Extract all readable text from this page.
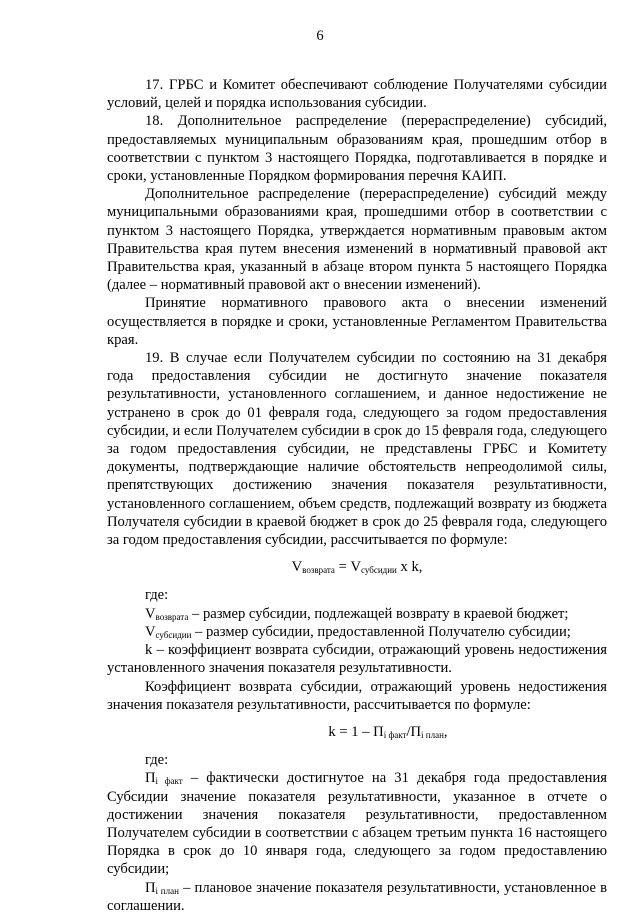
6

17. ГРБС и Комитет обеспечивают соблюдение Получателями субсидии условий, целей и порядка использования субсидии.

18. Дополнительное распределение (перераспределение) субсидий, предоставляемых муниципальным образованиям края, прошедшим отбор в соответствии с пунктом 3 настоящего Порядка, подготавливается в порядке и сроки, установленные Порядком формирования перечня КАИП.

Дополнительное распределение (перераспределение) субсидий между муниципальными образованиями края, прошедшими отбор в соответствии с пунктом 3 настоящего Порядка, утверждается нормативным правовым актом Правительства края путем внесения изменений в нормативный правовой акт Правительства края, указанный в абзаце втором пункта 5 настоящего Порядка (далее – нормативный правовой акт о внесении изменений).

Принятие нормативного правового акта о внесении изменений осуществляется в порядке и сроки, установленные Регламентом Правительства края.

19. В случае если Получателем субсидии по состоянию на 31 декабря года предоставления субсидии не достигнуто значение показателя результативности, установленного соглашением, и данное недостижение не устранено в срок до 01 февраля года, следующего за годом предоставления субсидии, и если Получателем субсидии в срок до 15 февраля года, следующего за годом предоставления субсидии, не представлены ГРБС и Комитету документы, подтверждающие наличие обстоятельств непреодолимой силы, препятствующих достижению значения показателя результативности, установленного соглашением, объем средств, подлежащий возврату из бюджета Получателя субсидии в краевой бюджет в срок до 25 февраля года, следующего за годом предоставления субсидии, рассчитывается по формуле:

$V_{возврата} = V_{субсидии}$ x k,

где:

$V_{возврата}$ – размер субсидии, подлежащей возврату в краевой бюджет;

$V_{субсидии}$ – размер субсидии, предоставленной Получателю субсидии;

k – коэффициент возврата субсидии, отражающий уровень недостижения установленного значения показателя результативности.

Коэффициент возврата субсидии, отражающий уровень недостижения значения показателя результативности, рассчитывается по формуле:

$k = 1 - П_{i факт}/П_{i план}$,

где:

$П_{i факт}$ – фактически достигнутое на 31 декабря года предоставления Субсидии значение показателя результативности, указанное в отчете о достижении значения показателя результативности, предоставленном Получателем субсидии в соответствии с абзацем третьим пункта 16 настоящего Порядка в срок до 10 января года, следующего за годом предоставлению субсидии;

$П_{i план}$ – плановое значение показателя результативности, установленное в соглашении.
